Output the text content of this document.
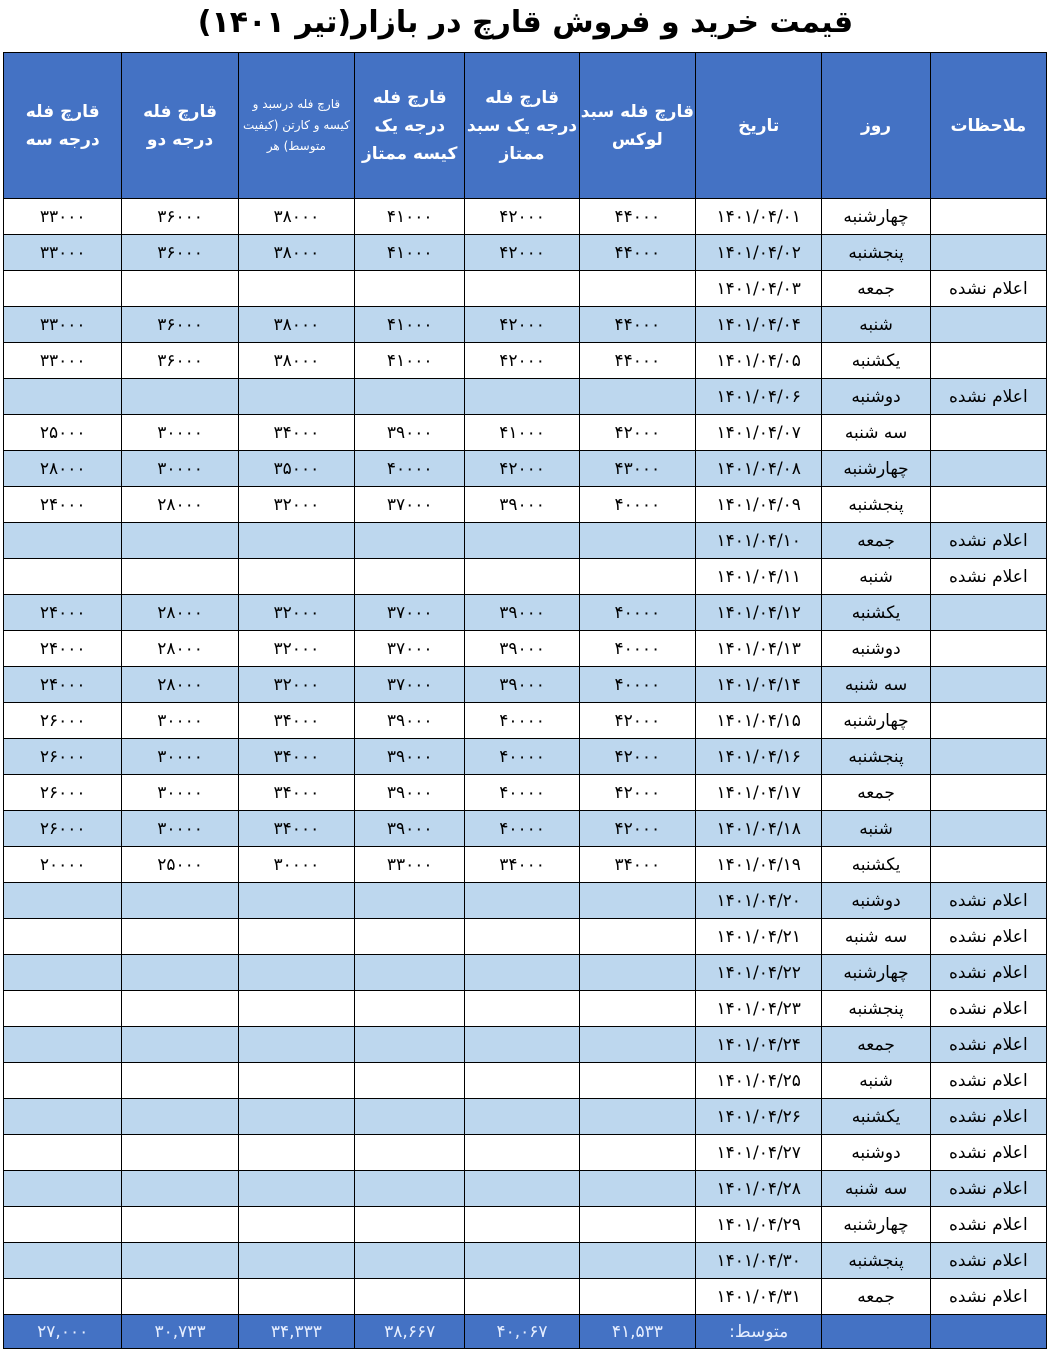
قیمت خرید و فروش قارچ در بازار(تیر ۱۴۰۱)
ملاحظات	روز	تاریخ	قارچ فله سبد لوکس	قارچ فله درجه یک سبد ممتاز	قارچ فله درجه یک کیسه ممتاز	قارچ فله درسبد و کیسه و کارتن (کیفیت متوسط) هر	قارچ فله درجه دو	قارچ فله درجه سه
	چهارشنبه	۱۴۰۱/۰۴/۰۱	۴۴۰۰۰	۴۲۰۰۰	۴۱۰۰۰	۳۸۰۰۰	۳۶۰۰۰	۳۳۰۰۰
	پنجشنبه	۱۴۰۱/۰۴/۰۲	۴۴۰۰۰	۴۲۰۰۰	۴۱۰۰۰	۳۸۰۰۰	۳۶۰۰۰	۳۳۰۰۰
اعلام نشده	جمعه	۱۴۰۱/۰۴/۰۳						
	شنبه	۱۴۰۱/۰۴/۰۴	۴۴۰۰۰	۴۲۰۰۰	۴۱۰۰۰	۳۸۰۰۰	۳۶۰۰۰	۳۳۰۰۰
	یکشنبه	۱۴۰۱/۰۴/۰۵	۴۴۰۰۰	۴۲۰۰۰	۴۱۰۰۰	۳۸۰۰۰	۳۶۰۰۰	۳۳۰۰۰
اعلام نشده	دوشنبه	۱۴۰۱/۰۴/۰۶						
	سه شنبه	۱۴۰۱/۰۴/۰۷	۴۲۰۰۰	۴۱۰۰۰	۳۹۰۰۰	۳۴۰۰۰	۳۰۰۰۰	۲۵۰۰۰
	چهارشنبه	۱۴۰۱/۰۴/۰۸	۴۳۰۰۰	۴۲۰۰۰	۴۰۰۰۰	۳۵۰۰۰	۳۰۰۰۰	۲۸۰۰۰
	پنجشنبه	۱۴۰۱/۰۴/۰۹	۴۰۰۰۰	۳۹۰۰۰	۳۷۰۰۰	۳۲۰۰۰	۲۸۰۰۰	۲۴۰۰۰
اعلام نشده	جمعه	۱۴۰۱/۰۴/۱۰						
اعلام نشده	شنبه	۱۴۰۱/۰۴/۱۱						
	یکشنبه	۱۴۰۱/۰۴/۱۲	۴۰۰۰۰	۳۹۰۰۰	۳۷۰۰۰	۳۲۰۰۰	۲۸۰۰۰	۲۴۰۰۰
	دوشنبه	۱۴۰۱/۰۴/۱۳	۴۰۰۰۰	۳۹۰۰۰	۳۷۰۰۰	۳۲۰۰۰	۲۸۰۰۰	۲۴۰۰۰
	سه شنبه	۱۴۰۱/۰۴/۱۴	۴۰۰۰۰	۳۹۰۰۰	۳۷۰۰۰	۳۲۰۰۰	۲۸۰۰۰	۲۴۰۰۰
	چهارشنبه	۱۴۰۱/۰۴/۱۵	۴۲۰۰۰	۴۰۰۰۰	۳۹۰۰۰	۳۴۰۰۰	۳۰۰۰۰	۲۶۰۰۰
	پنجشنبه	۱۴۰۱/۰۴/۱۶	۴۲۰۰۰	۴۰۰۰۰	۳۹۰۰۰	۳۴۰۰۰	۳۰۰۰۰	۲۶۰۰۰
	جمعه	۱۴۰۱/۰۴/۱۷	۴۲۰۰۰	۴۰۰۰۰	۳۹۰۰۰	۳۴۰۰۰	۳۰۰۰۰	۲۶۰۰۰
	شنبه	۱۴۰۱/۰۴/۱۸	۴۲۰۰۰	۴۰۰۰۰	۳۹۰۰۰	۳۴۰۰۰	۳۰۰۰۰	۲۶۰۰۰
	یکشنبه	۱۴۰۱/۰۴/۱۹	۳۴۰۰۰	۳۴۰۰۰	۳۳۰۰۰	۳۰۰۰۰	۲۵۰۰۰	۲۰۰۰۰
اعلام نشده	دوشنبه	۱۴۰۱/۰۴/۲۰						
اعلام نشده	سه شنبه	۱۴۰۱/۰۴/۲۱						
اعلام نشده	چهارشنبه	۱۴۰۱/۰۴/۲۲						
اعلام نشده	پنجشنبه	۱۴۰۱/۰۴/۲۳						
اعلام نشده	جمعه	۱۴۰۱/۰۴/۲۴						
اعلام نشده	شنبه	۱۴۰۱/۰۴/۲۵						
اعلام نشده	یکشنبه	۱۴۰۱/۰۴/۲۶						
اعلام نشده	دوشنبه	۱۴۰۱/۰۴/۲۷						
اعلام نشده	سه شنبه	۱۴۰۱/۰۴/۲۸						
اعلام نشده	چهارشنبه	۱۴۰۱/۰۴/۲۹						
اعلام نشده	پنجشنبه	۱۴۰۱/۰۴/۳۰						
اعلام نشده	جمعه	۱۴۰۱/۰۴/۳۱						
		متوسط:	۴۱,۵۳۳	۴۰,۰۶۷	۳۸,۶۶۷	۳۴,۳۳۳	۳۰,۷۳۳	۲۷,۰۰۰
